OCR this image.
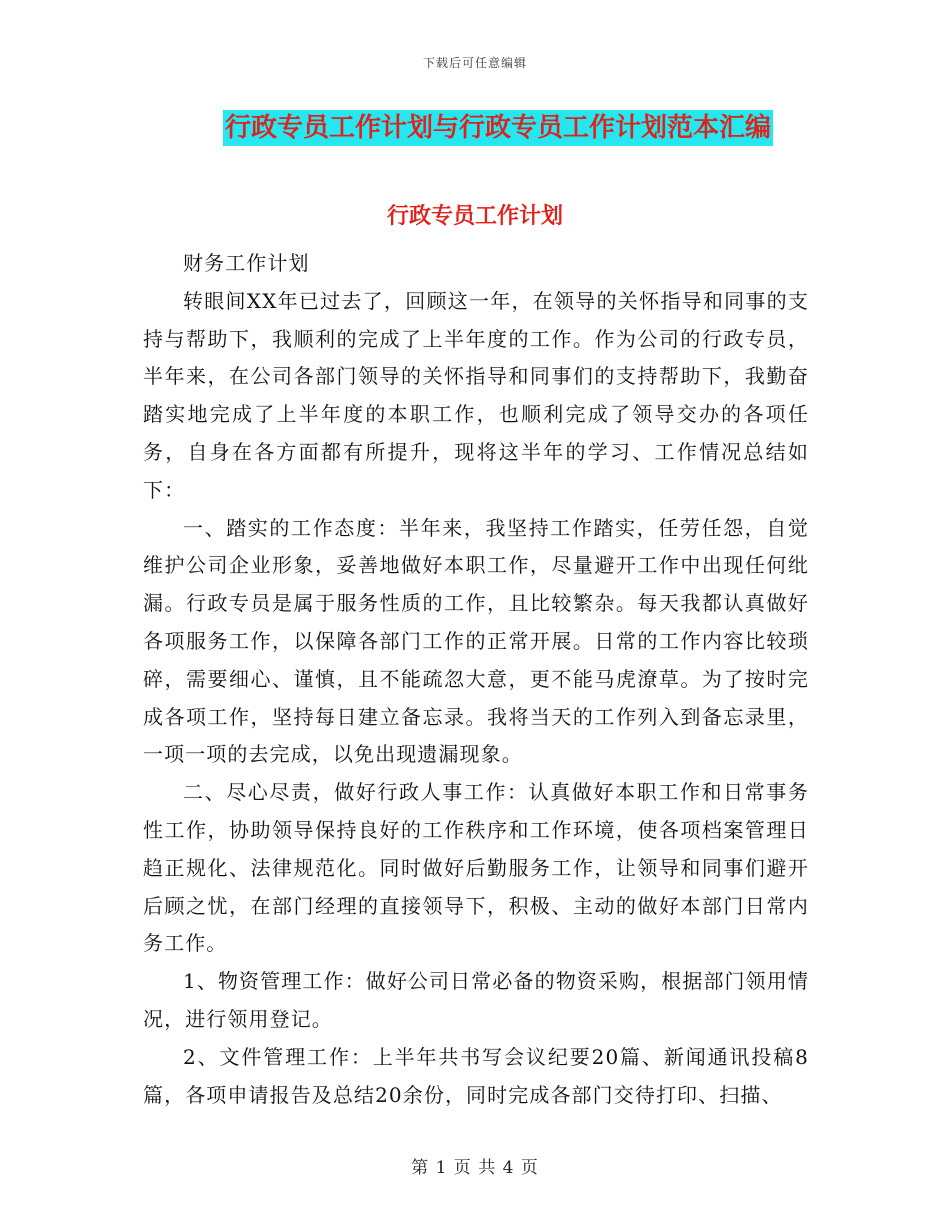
下载后可任意编辑
行政专员工作计划与行政专员工作计划范本汇编
行政专员工作计划

财务工作计划

转眼间XX年已过去了，回顾这一年，在领导的关怀指导和同事的支持与帮助下，我顺利的完成了上半年度的工作。作为公司的行政专员，半年来，在公司各部门领导的关怀指导和同事们的支持帮助下，我勤奋踏实地完成了上半年度的本职工作，也顺利完成了领导交办的各项任务，自身在各方面都有所提升，现将这半年的学习、工作情况总结如下：

一、踏实的工作态度：半年来，我坚持工作踏实，任劳任怨，自觉维护公司企业形象，妥善地做好本职工作，尽量避开工作中出现任何纰漏。行政专员是属于服务性质的工作，且比较繁杂。每天我都认真做好各项服务工作，以保障各部门工作的正常开展。日常的工作内容比较琐碎，需要细心、谨慎，且不能疏忽大意，更不能马虎潦草。为了按时完成各项工作，坚持每日建立备忘录。我将当天的工作列入到备忘录里，一项一项的去完成，以免出现遗漏现象。

二、尽心尽责，做好行政人事工作：认真做好本职工作和日常事务性工作，协助领导保持良好的工作秩序和工作环境，使各项档案管理日趋正规化、法律规范化。同时做好后勤服务工作，让领导和同事们避开后顾之忧，在部门经理的直接领导下，积极、主动的做好本部门日常内务工作。

1、物资管理工作：做好公司日常必备的物资采购，根据部门领用情况，进行领用登记。

2、文件管理工作：上半年共书写会议纪要20篇、新闻通讯投稿8篇，各项申请报告及总结20余份，同时完成各部门交待打印、扫描、

第 1 页 共 4 页
